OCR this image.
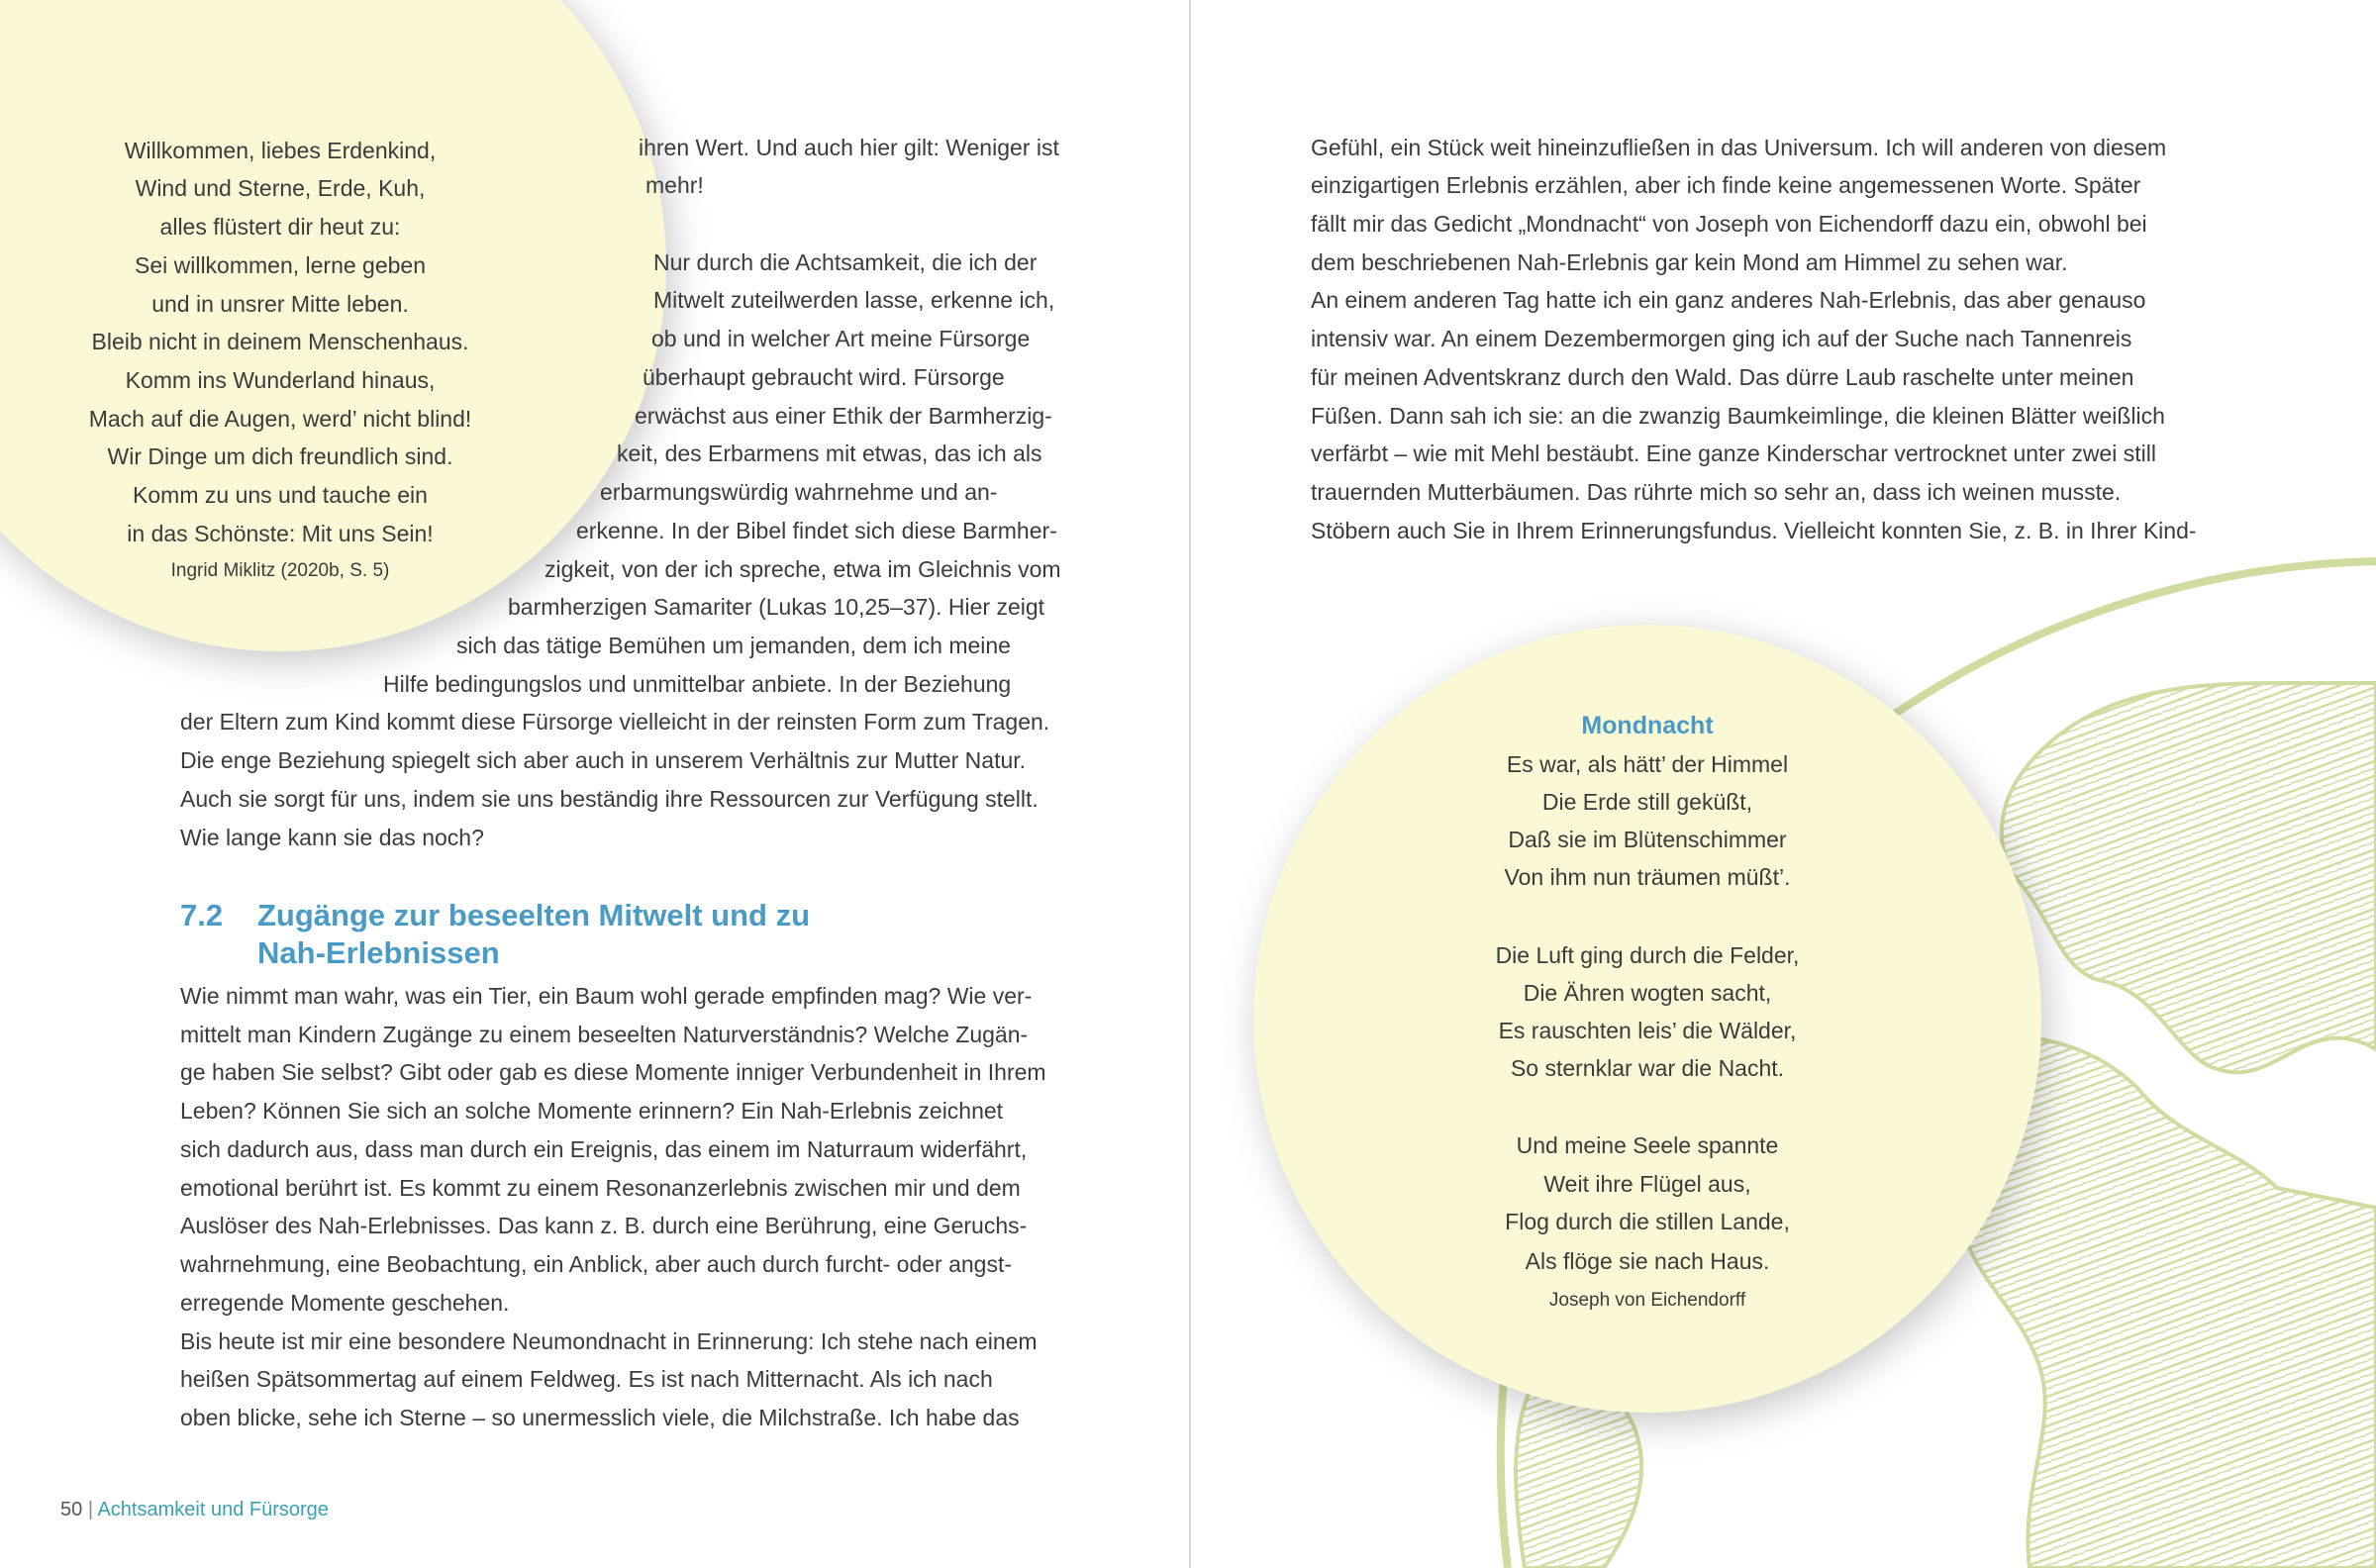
Willkommen, liebes Erdenkind,
Wind und Sterne, Erde, Kuh,
alles flüstert dir heut zu:
Sei willkommen, lerne geben
und in unsrer Mitte leben.
Bleib nicht in deinem Menschenhaus.
Komm ins Wunderland hinaus,
Mach auf die Augen, werd’ nicht blind!
Wir Dinge um dich freundlich sind.
Komm zu uns und tauche ein
in das Schönste: Mit uns Sein!
Ingrid Miklitz (2020b, S. 5)
ihren Wert. Und auch hier gilt: Weniger ist
mehr!
Nur durch die Achtsamkeit, die ich der
Mitwelt zuteilwerden lasse, erkenne ich,
ob und in welcher Art meine Fürsorge
überhaupt gebraucht wird. Fürsorge
erwächst aus einer Ethik der Barmherzig-
keit, des Erbarmens mit etwas, das ich als
erbarmungswürdig wahrnehme und an-
erkenne. In der Bibel findet sich diese Barmher-
zigkeit, von der ich spreche, etwa im Gleichnis vom
barmherzigen Samariter (Lukas 10,25–37). Hier zeigt
sich das tätige Bemühen um jemanden, dem ich meine
Hilfe bedingungslos und unmittelbar anbiete. In der Beziehung
der Eltern zum Kind kommt diese Fürsorge vielleicht in der reinsten Form zum Tragen.
Die enge Beziehung spiegelt sich aber auch in unserem Verhältnis zur Mutter Natur.
Auch sie sorgt für uns, indem sie uns beständig ihre Ressourcen zur Verfügung stellt.
Wie lange kann sie das noch?
Wie nimmt man wahr, was ein Tier, ein Baum wohl gerade empfinden mag? Wie ver-
mittelt man Kindern Zugänge zu einem beseelten Naturverständnis? Welche Zugän-
ge haben Sie selbst? Gibt oder gab es diese Momente inniger Verbundenheit in Ihrem
Leben? Können Sie sich an solche Momente erinnern? Ein Nah-Erlebnis zeichnet
sich dadurch aus, dass man durch ein Ereignis, das einem im Naturraum widerfährt,
emotional berührt ist. Es kommt zu einem Resonanzerlebnis zwischen mir und dem
Auslöser des Nah-Erlebnisses. Das kann z. B. durch eine Berührung, eine Geruchs-
wahrnehmung, eine Beobachtung, ein Anblick, aber auch durch furcht- oder angst-
erregende Momente geschehen.
Bis heute ist mir eine besondere Neumondnacht in Erinnerung: Ich stehe nach einem
heißen Spätsommertag auf einem Feldweg. Es ist nach Mitternacht. Als ich nach
oben blicke, sehe ich Sterne – so unermesslich viele, die Milchstraße. Ich habe das
Gefühl, ein Stück weit hineinzufließen in das Universum. Ich will anderen von diesem
einzigartigen Erlebnis erzählen, aber ich finde keine angemessenen Worte. Später
fällt mir das Gedicht „Mondnacht“ von Joseph von Eichendorff dazu ein, obwohl bei
dem beschriebenen Nah-Erlebnis gar kein Mond am Himmel zu sehen war.
An einem anderen Tag hatte ich ein ganz anderes Nah-Erlebnis, das aber genauso
intensiv war. An einem Dezembermorgen ging ich auf der Suche nach Tannenreis
für meinen Adventskranz durch den Wald. Das dürre Laub raschelte unter meinen
Füßen. Dann sah ich sie: an die zwanzig Baumkeimlinge, die kleinen Blätter weißlich
verfärbt – wie mit Mehl bestäubt. Eine ganze Kinderschar vertrocknet unter zwei still
trauernden Mutterbäumen. Das rührte mich so sehr an, dass ich weinen musste.
Stöbern auch Sie in Ihrem Erinnerungsfundus. Vielleicht konnten Sie, z. B. in Ihrer Kind-
Mondnacht
Es war, als hätt’ der Himmel
Die Erde still geküßt,
Daß sie im Blütenschimmer
Von ihm nun träumen müßt’.
Die Luft ging durch die Felder,
Die Ähren wogten sacht,
Es rauschten leis’ die Wälder,
So sternklar war die Nacht.
Und meine Seele spannte
Weit ihre Flügel aus,
Flog durch die stillen Lande,
Als flöge sie nach Haus.
Joseph von Eichendorff
7.2 Zugänge zur beseelten Mitwelt und zu
Nah-Erlebnissen
50 | Achtsamkeit und Fürsorge
